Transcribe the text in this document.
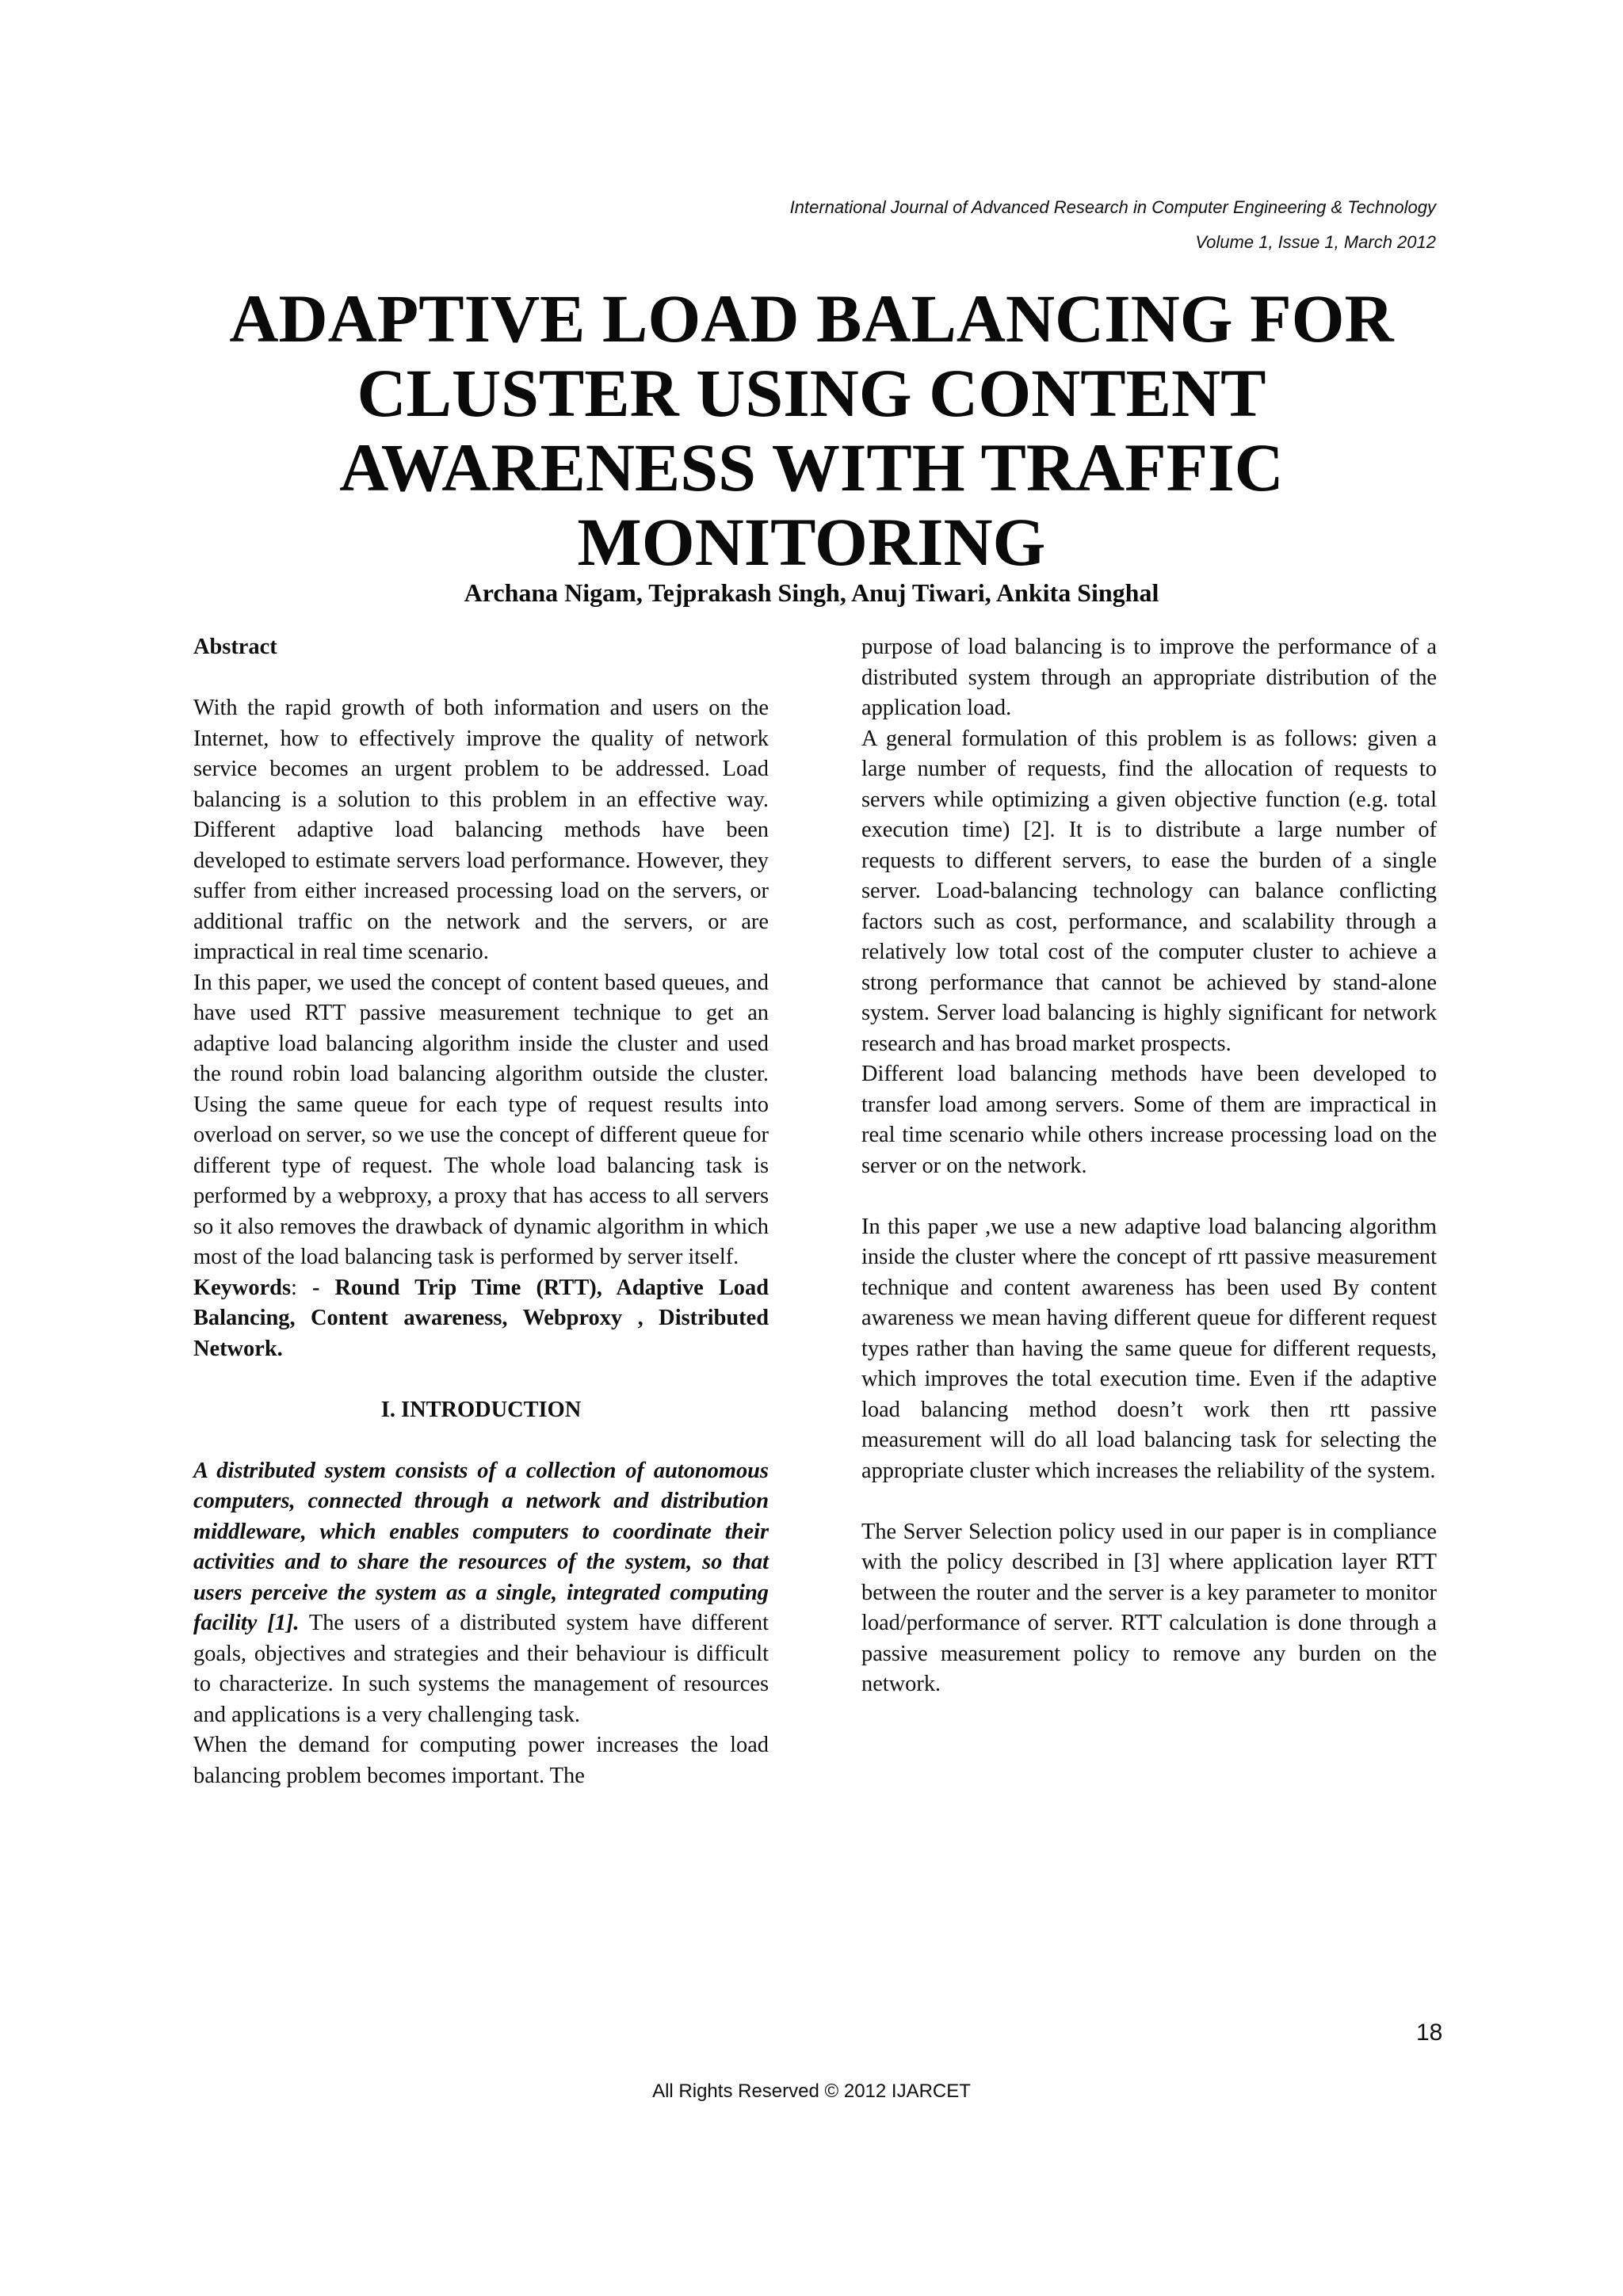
International Journal of Advanced Research in Computer Engineering & Technology
Volume 1, Issue 1, March 2012
ADAPTIVE LOAD BALANCING FOR
CLUSTER USING CONTENT
AWARENESS WITH TRAFFIC
MONITORING
Archana Nigam, Tejprakash Singh, Anuj Tiwari, Ankita Singhal

Abstract

With the rapid growth of both information and users on the Internet, how to effectively improve the quality of network service becomes an urgent problem to be addressed. Load balancing is a solution to this problem in an effective way. Different adaptive load balancing methods have been developed to estimate servers load performance. However, they suffer from either increased processing load on the servers, or additional traffic on the network and the servers, or are impractical in real time scenario.

In this paper, we used the concept of content based queues, and have used RTT passive measurement technique to get an adaptive load balancing algorithm inside the cluster and used the round robin load balancing algorithm outside the cluster. Using the same queue for each type of request results into overload on server, so we use the concept of different queue for different type of request. The whole load balancing task is performed by a webproxy, a proxy that has access to all servers so it also removes the drawback of dynamic algorithm in which most of the load balancing task is performed by server itself.

Keywords: - Round Trip Time (RTT), Adaptive Load Balancing, Content awareness, Webproxy , Distributed Network.

I. INTRODUCTION

A distributed system consists of a collection of autonomous computers, connected through a network and distribution middleware, which enables computers to coordinate their activities and to share the resources of the system, so that users perceive the system as a single, integrated computing facility [1]. The users of a distributed system have different goals, objectives and strategies and their behaviour is difficult to characterize. In such systems the management of resources and applications is a very challenging task.

When the demand for computing power increases the load balancing problem becomes important. The

purpose of load balancing is to improve the performance of a distributed system through an appropriate distribution of the application load.

A general formulation of this problem is as follows: given a large number of requests, find the allocation of requests to servers while optimizing a given objective function (e.g. total execution time) [2]. It is to distribute a large number of requests to different servers, to ease the burden of a single server. Load-balancing technology can balance conflicting factors such as cost, performance, and scalability through a relatively low total cost of the computer cluster to achieve a strong performance that cannot be achieved by stand-alone system. Server load balancing is highly significant for network research and has broad market prospects.

Different load balancing methods have been developed to transfer load among servers. Some of them are impractical in real time scenario while others increase processing load on the server or on the network.

In this paper ,we use a new adaptive load balancing algorithm inside the cluster where the concept of rtt passive measurement technique and content awareness has been used By content awareness we mean having different queue for different request types rather than having the same queue for different requests, which improves the total execution time. Even if the adaptive load balancing method doesn’t work then rtt passive measurement will do all load balancing task for selecting the appropriate cluster which increases the reliability of the system.

The Server Selection policy used in our paper is in compliance with the policy described in [3] where application layer RTT between the router and the server is a key parameter to monitor load/performance of server. RTT calculation is done through a passive measurement policy to remove any burden on the network.

18
All Rights Reserved © 2012 IJARCET
